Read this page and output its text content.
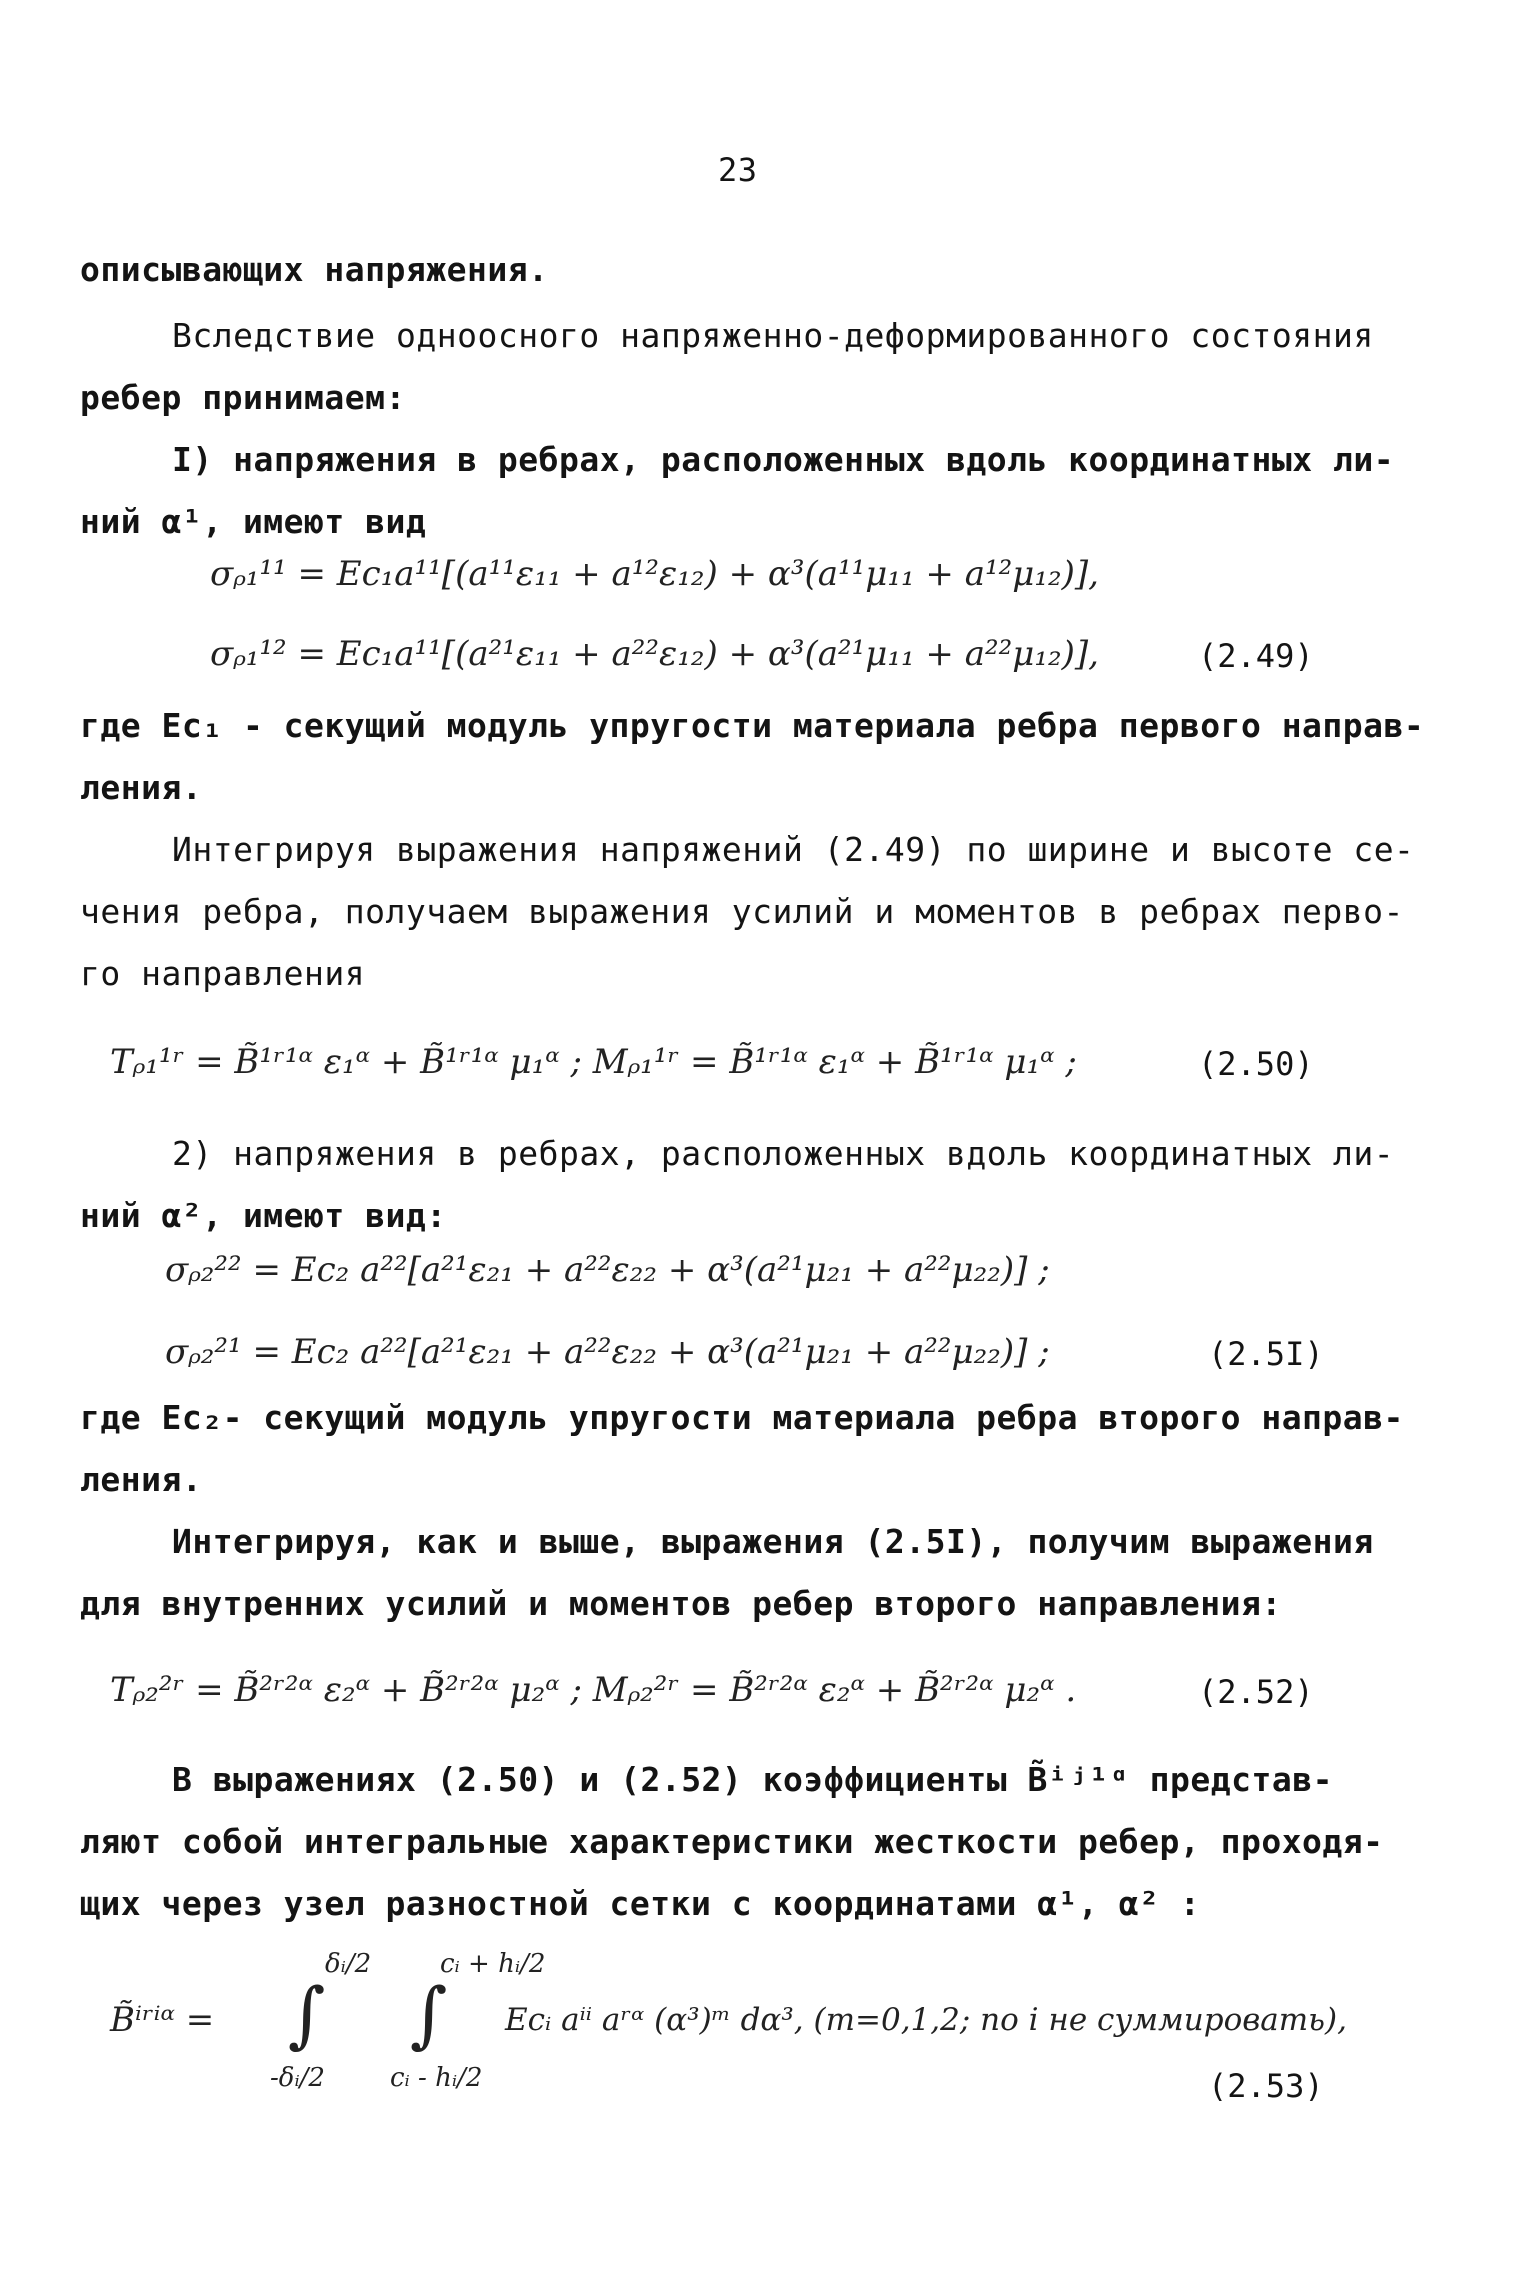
23
описывающих напряжения.
Вследствие одноосного напряженно-деформированного состояния
ребер принимаем:
I) напряжения в ребрах, расположенных вдоль координатных ли-
ний α¹, имеют вид
σᵨ₁¹¹ = Eс₁a¹¹[(a¹¹ε₁₁ + a¹²ε₁₂) + α³(a¹¹μ₁₁ + a¹²μ₁₂)],
σᵨ₁¹² = Eс₁a¹¹[(a²¹ε₁₁ + a²²ε₁₂) + α³(a²¹μ₁₁ + a²²μ₁₂)],	(2.49)
где Eс₁ - секущий модуль упругости материала ребра первого направ-
ления.
Интегрируя выражения напряжений (2.49) по ширине и высоте се-
чения ребра, получаем выражения усилий и моментов в ребрах перво-
го направления
Tᵨ₁¹ʳ = B̃¹ʳ¹ᵅ ε₁ᵅ + B̃¹ʳ¹ᵅ μ₁ᵅ ; Mᵨ₁¹ʳ = B̃¹ʳ¹ᵅ ε₁ᵅ + B̃¹ʳ¹ᵅ μ₁ᵅ ;	(2.50)
2) напряжения в ребрах, расположенных вдоль координатных ли-
ний α², имеют вид:
σᵨ₂²² = Eс₂ a²²[a²¹ε₂₁ + a²²ε₂₂ + α³(a²¹μ₂₁ + a²²μ₂₂)] ;
σᵨ₂²¹ = Eс₂ a²²[a²¹ε₂₁ + a²²ε₂₂ + α³(a²¹μ₂₁ + a²²μ₂₂)] ;	(2.5I)
где Eс₂- секущий модуль упругости материала ребра второго направ-
ления.
Интегрируя, как и выше, выражения (2.5I), получим выражения
для внутренних усилий и моментов ребер второго направления:
Tᵨ₂²ʳ = B̃²ʳ²ᵅ ε₂ᵅ + B̃²ʳ²ᵅ μ₂ᵅ ; Mᵨ₂²ʳ = B̃²ʳ²ᵅ ε₂ᵅ + B̃²ʳ²ᵅ μ₂ᵅ .	(2.52)
В выражениях (2.50) и (2.52) коэффициенты B̃ⁱʲ¹ᵅ представ-
ляют собой интегральные характеристики жесткости ребер, проходя-
щих через узел разностной сетки с координатами α¹, α² :
B̃ⁱʳⁱᵅ =
δᵢ/2
∫
-δᵢ/2
cᵢ + hᵢ/2
∫
cᵢ - hᵢ/2
Eсᵢ aⁱⁱ aʳᵅ (α³)ᵐ dα³, (m=0,1,2; по i не суммировать),
(2.53)
